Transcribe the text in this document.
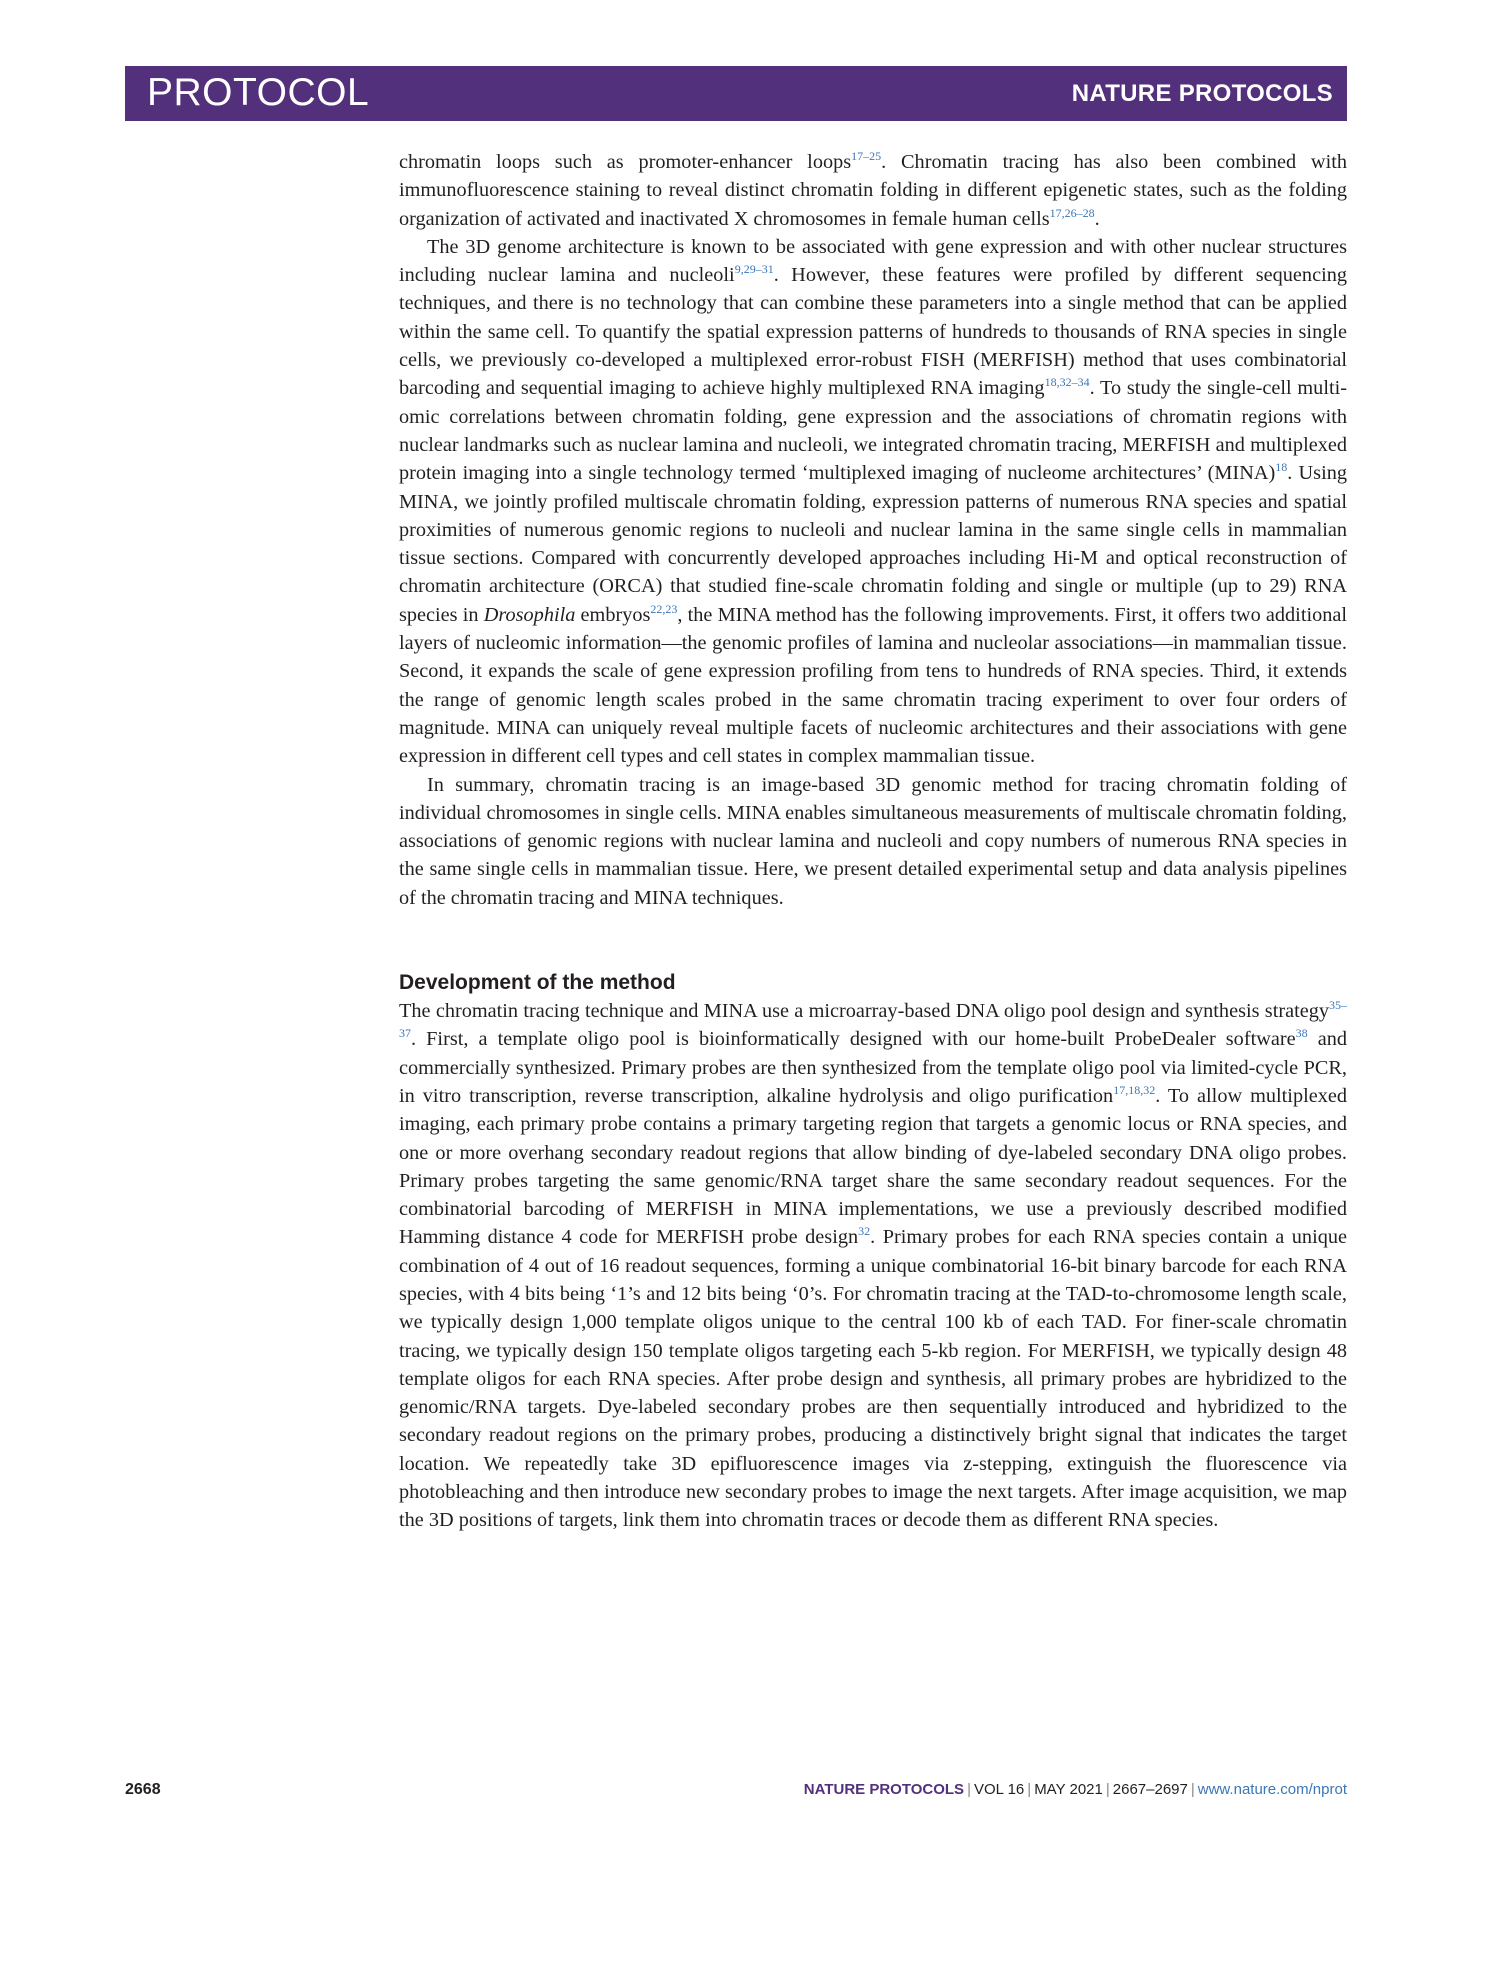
PROTOCOL	NATURE PROTOCOLS

chromatin loops such as promoter-enhancer loops$^{17-25}$. Chromatin tracing has also been combined with immunofluorescence staining to reveal distinct chromatin folding in different epigenetic states, such as the folding organization of activated and inactivated X chromosomes in female human cells$^{17,26-28}$.

The 3D genome architecture is known to be associated with gene expression and with other nuclear structures including nuclear lamina and nucleoli$^{9,29-31}$. However, these features were profiled by different sequencing techniques, and there is no technology that can combine these parameters into a single method that can be applied within the same cell. To quantify the spatial expression patterns of hundreds to thousands of RNA species in single cells, we previously co-developed a multiplexed error-robust FISH (MERFISH) method that uses combinatorial barcoding and sequential imaging to achieve highly multiplexed RNA imaging$^{18,32-34}$. To study the single-cell multi-omic correlations between chromatin folding, gene expression and the associations of chromatin regions with nuclear landmarks such as nuclear lamina and nucleoli, we integrated chromatin tracing, MERFISH and multiplexed protein imaging into a single technology termed ‘multiplexed imaging of nucleome architectures’ (MINA)$^{18}$. Using MINA, we jointly profiled multiscale chromatin folding, expression patterns of numerous RNA species and spatial proximities of numerous genomic regions to nucleoli and nuclear lamina in the same single cells in mammalian tissue sections. Compared with concurrently developed approaches including Hi-M and optical reconstruction of chromatin architecture (ORCA) that studied fine-scale chromatin folding and single or multiple (up to 29) RNA species in Drosophila embryos$^{22,23}$, the MINA method has the following improvements. First, it offers two additional layers of nucleomic information—the genomic profiles of lamina and nucleolar associations—in mammalian tissue. Second, it expands the scale of gene expression profiling from tens to hundreds of RNA species. Third, it extends the range of genomic length scales probed in the same chromatin tracing experiment to over four orders of magnitude. MINA can uniquely reveal multiple facets of nucleomic architectures and their associations with gene expression in different cell types and cell states in complex mammalian tissue.

In summary, chromatin tracing is an image-based 3D genomic method for tracing chromatin folding of individual chromosomes in single cells. MINA enables simultaneous measurements of multiscale chromatin folding, associations of genomic regions with nuclear lamina and nucleoli and copy numbers of numerous RNA species in the same single cells in mammalian tissue. Here, we present detailed experimental setup and data analysis pipelines of the chromatin tracing and MINA techniques.

Development of the method

The chromatin tracing technique and MINA use a microarray-based DNA oligo pool design and synthesis strategy$^{35-37}$. First, a template oligo pool is bioinformatically designed with our home-built ProbeDealer software$^{38}$ and commercially synthesized. Primary probes are then synthesized from the template oligo pool via limited-cycle PCR, in vitro transcription, reverse transcription, alkaline hydrolysis and oligo purification$^{17,18,32}$. To allow multiplexed imaging, each primary probe contains a primary targeting region that targets a genomic locus or RNA species, and one or more overhang secondary readout regions that allow binding of dye-labeled secondary DNA oligo probes. Primary probes targeting the same genomic/RNA target share the same secondary readout sequences. For the combinatorial barcoding of MERFISH in MINA implementations, we use a previously described modified Hamming distance 4 code for MERFISH probe design$^{32}$. Primary probes for each RNA species contain a unique combination of 4 out of 16 readout sequences, forming a unique combinatorial 16-bit binary barcode for each RNA species, with 4 bits being ‘1’s and 12 bits being ‘0’s. For chromatin tracing at the TAD-to-chromosome length scale, we typically design 1,000 template oligos unique to the central 100 kb of each TAD. For finer-scale chromatin tracing, we typically design 150 template oligos targeting each 5-kb region. For MERFISH, we typically design 48 template oligos for each RNA species. After probe design and synthesis, all primary probes are hybridized to the genomic/RNA targets. Dye-labeled secondary probes are then sequentially introduced and hybridized to the secondary readout regions on the primary probes, producing a distinctively bright signal that indicates the target location. We repeatedly take 3D epifluorescence images via z-stepping, extinguish the fluorescence via photobleaching and then introduce new secondary probes to image the next targets. After image acquisition, we map the 3D positions of targets, link them into chromatin traces or decode them as different RNA species.

2668	NATURE PROTOCOLS | VOL 16 | MAY 2021 | 2667–2697 | www.nature.com/nprot
